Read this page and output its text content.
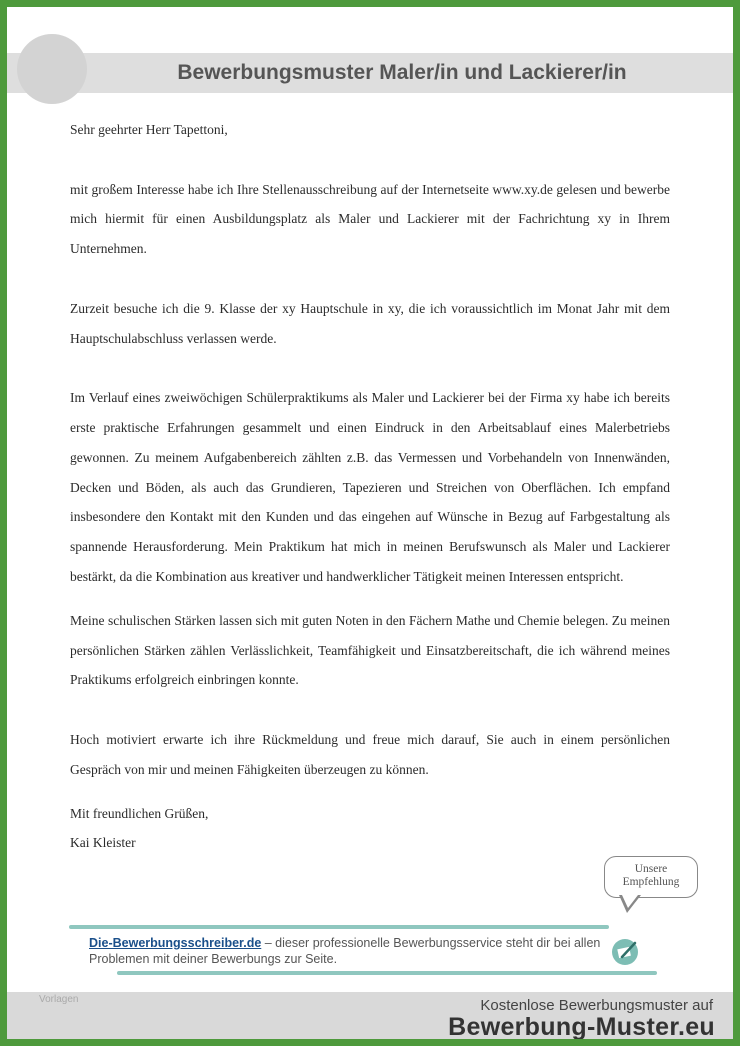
Bewerbungsmuster Maler/in und Lackierer/in

Sehr geehrter Herr Tapettoni,

mit großem Interesse habe ich Ihre Stellenausschreibung auf der Internetseite www.xy.de gelesen und bewerbe mich hiermit für einen Ausbildungsplatz als Maler und Lackierer mit der Fachrichtung xy in Ihrem Unternehmen.

Zurzeit besuche ich die 9. Klasse der xy Hauptschule in xy, die ich voraussichtlich im Monat Jahr mit dem Hauptschulabschluss verlassen werde.

Im Verlauf eines zweiwöchigen Schülerpraktikums als Maler und Lackierer bei der Firma xy habe ich bereits erste praktische Erfahrungen gesammelt und einen Eindruck in den Arbeitsablauf eines Malerbetriebs gewonnen. Zu meinem Aufgabenbereich zählten z.B. das Vermessen und Vorbehandeln von Innenwänden, Decken und Böden, als auch das Grundieren, Tapezieren und Streichen von Oberflächen. Ich empfand insbesondere den Kontakt mit den Kunden und das eingehen auf Wünsche in Bezug auf Farbgestaltung als spannende Herausforderung. Mein Praktikum hat mich in meinen Berufswunsch als Maler und Lackierer bestärkt, da die Kombination aus kreativer und handwerklicher Tätigkeit meinen Interessen entspricht.

Meine schulischen Stärken lassen sich mit guten Noten in den Fächern Mathe und Chemie belegen. Zu meinen persönlichen Stärken zählen Verlässlichkeit, Teamfähigkeit und Einsatzbereitschaft, die ich während meines Praktikums erfolgreich einbringen konnte.

Hoch motiviert erwarte ich ihre Rückmeldung und freue mich darauf, Sie auch in einem persönlichen Gespräch von mir und meinen Fähigkeiten überzeugen zu können.

Mit freundlichen Grüßen,

Kai Kleister

Unsere
Empfehlung
Die-Bewerbungsschreiber.de – dieser professionelle Bewerbungsservice steht dir bei allen Problemen mit deiner Bewerbungs zur Seite.
Vorlagen	Kostenlose Bewerbungsmuster auf
Bewerbung-Muster.eu
